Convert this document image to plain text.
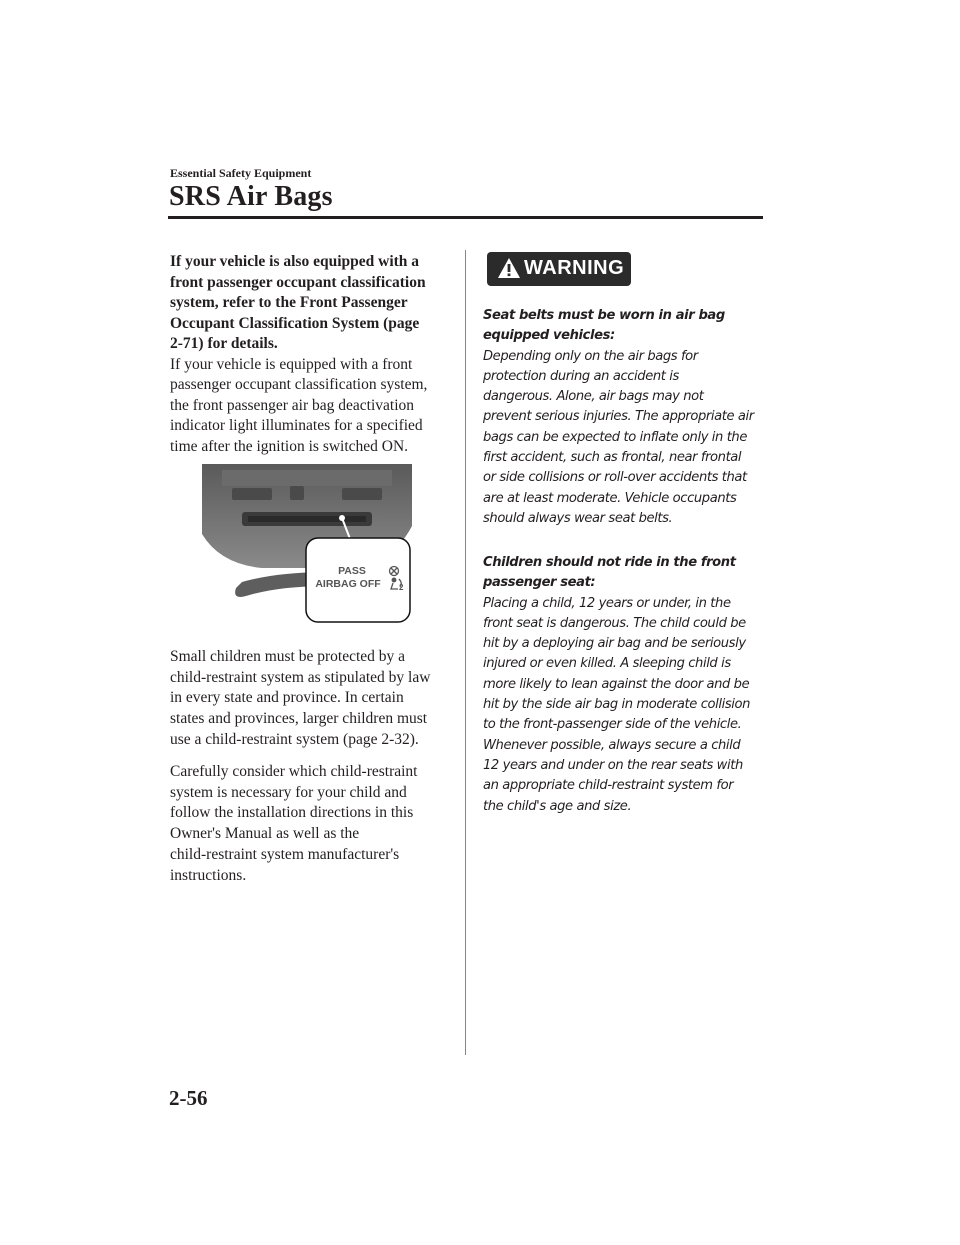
Essential Safety Equipment
SRS Air Bags
If your vehicle is also equipped with a
front passenger occupant classification
system, refer to the Front Passenger
Occupant Classification System (page
2-71) for details.
If your vehicle is equipped with a front
passenger occupant classification system,
the front passenger air bag deactivation
indicator light illuminates for a specified
time after the ignition is switched ON.
PASS
AIRBAG OFF 2
Small children must be protected by a
child-restraint system as stipulated by law
in every state and province. In certain
states and provinces, larger children must
use a child-restraint system (page 2-32).
Carefully consider which child-restraint
system is necessary for your child and
follow the installation directions in this
Owner's Manual as well as the
child-restraint system manufacturer's
instructions.
WARNING
Seat belts must be worn in air bag
equipped vehicles:
Depending only on the air bags for
protection during an accident is
dangerous. Alone, air bags may not
prevent serious injuries. The appropriate air
bags can be expected to inflate only in the
first accident, such as frontal, near frontal
or side collisions or roll-over accidents that
are at least moderate. Vehicle occupants
should always wear seat belts.
Children should not ride in the front
passenger seat:
Placing a child, 12 years or under, in the
front seat is dangerous. The child could be
hit by a deploying air bag and be seriously
injured or even killed. A sleeping child is
more likely to lean against the door and be
hit by the side air bag in moderate collision
to the front-passenger side of the vehicle.
Whenever possible, always secure a child
12 years and under on the rear seats with
an appropriate child-restraint system for
the child's age and size.
2-56
